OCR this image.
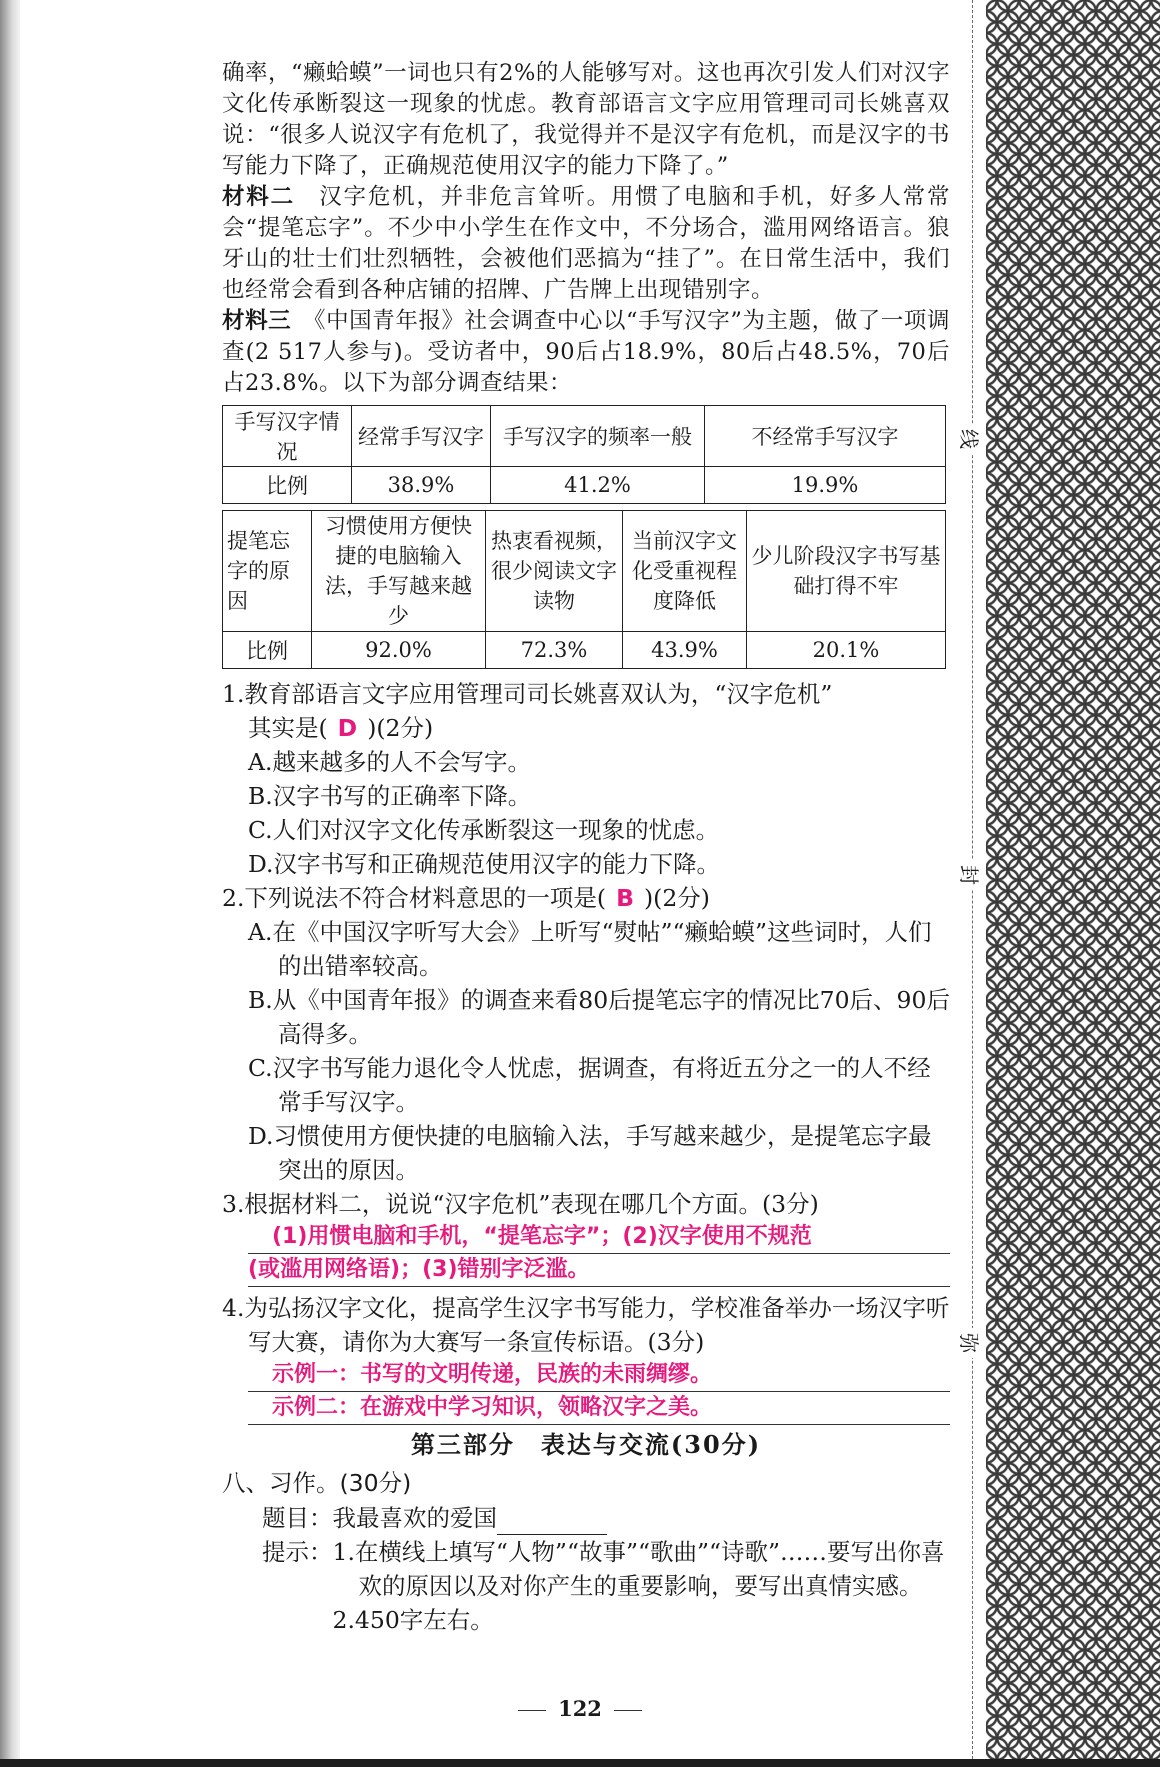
线
封
弥

确率，“癞蛤蟆”一词也只有2%的人能够写对。这也再次引发人们对汉字文化传承断裂这一现象的忧虑。教育部语言文字应用管理司司长姚喜双说：“很多人说汉字有危机了，我觉得并不是汉字有危机，而是汉字的书写能力下降了，正确规范使用汉字的能力下降了。”

材料二　 汉字危机，并非危言耸听。用惯了电脑和手机，好多人常常会“提笔忘字”。不少中小学生在作文中，不分场合，滥用网络语言。狼牙山的壮士们壮烈牺牲，会被他们恶搞为“挂了”。在日常生活中，我们也经常会看到各种店铺的招牌、广告牌上出现错别字。

材料三　 《中国青年报》社会调查中心以“手写汉字”为主题，做了一项调查(2 517人参与)。受访者中，90后占18.9%，80后占48.5%，70后占23.8%。以下为部分调查结果：

手写汉字情况	经常手写汉字	手写汉字的频率一般	不经常手写汉字
比例	38.9%	41.2%	19.9%
提笔忘字的原因	习惯使用方便快捷的电脑输入法，手写越来越少	热衷看视频，很少阅读文字读物	当前汉字文化受重视程度降低	少儿阶段汉字书写基础打得不牢
比例	92.0%	72.3%	43.9%	20.1%

1.教育部语言文字应用管理司司长姚喜双认为，“汉字危机”

其实是( D )(2分)

A.越来越多的人不会写字。

B.汉字书写的正确率下降。

C.人们对汉字文化传承断裂这一现象的忧虑。

D.汉字书写和正确规范使用汉字的能力下降。

2.下列说法不符合材料意思的一项是( B )(2分)

A.在《中国汉字听写大会》上听写“熨帖”“癞蛤蟆”这些词时，人们的出错率较高。

B.从《中国青年报》的调查来看80后提笔忘字的情况比70后、90后高得多。

C.汉字书写能力退化令人忧虑，据调查，有将近五分之一的人不经常手写汉字。

D.习惯使用方便快捷的电脑输入法，手写越来越少，是提笔忘字最突出的原因。

3.根据材料二，说说“汉字危机”表现在哪几个方面。(3分)

(1)用惯电脑和手机，“提笔忘字”；(2)汉字使用不规范
(或滥用网络语)；(3)错别字泛滥。

4.为弘扬汉字文化，提高学生汉字书写能力，学校准备举办一场汉字听写大赛，请你为大赛写一条宣传标语。(3分)

示例一：书写的文明传递，民族的未雨绸缪。
示例二：在游戏中学习知识，领略汉字之美。
第三部分　表达与交流(30分)
八、习作。(30分)

题目：我最喜欢的爱国

提示： 1.在横线上填写“人物”“故事”“歌曲”“诗歌”……要写出你喜欢的原因以及对你产生的重要影响，要写出真情实感。

2.450字左右。

122
